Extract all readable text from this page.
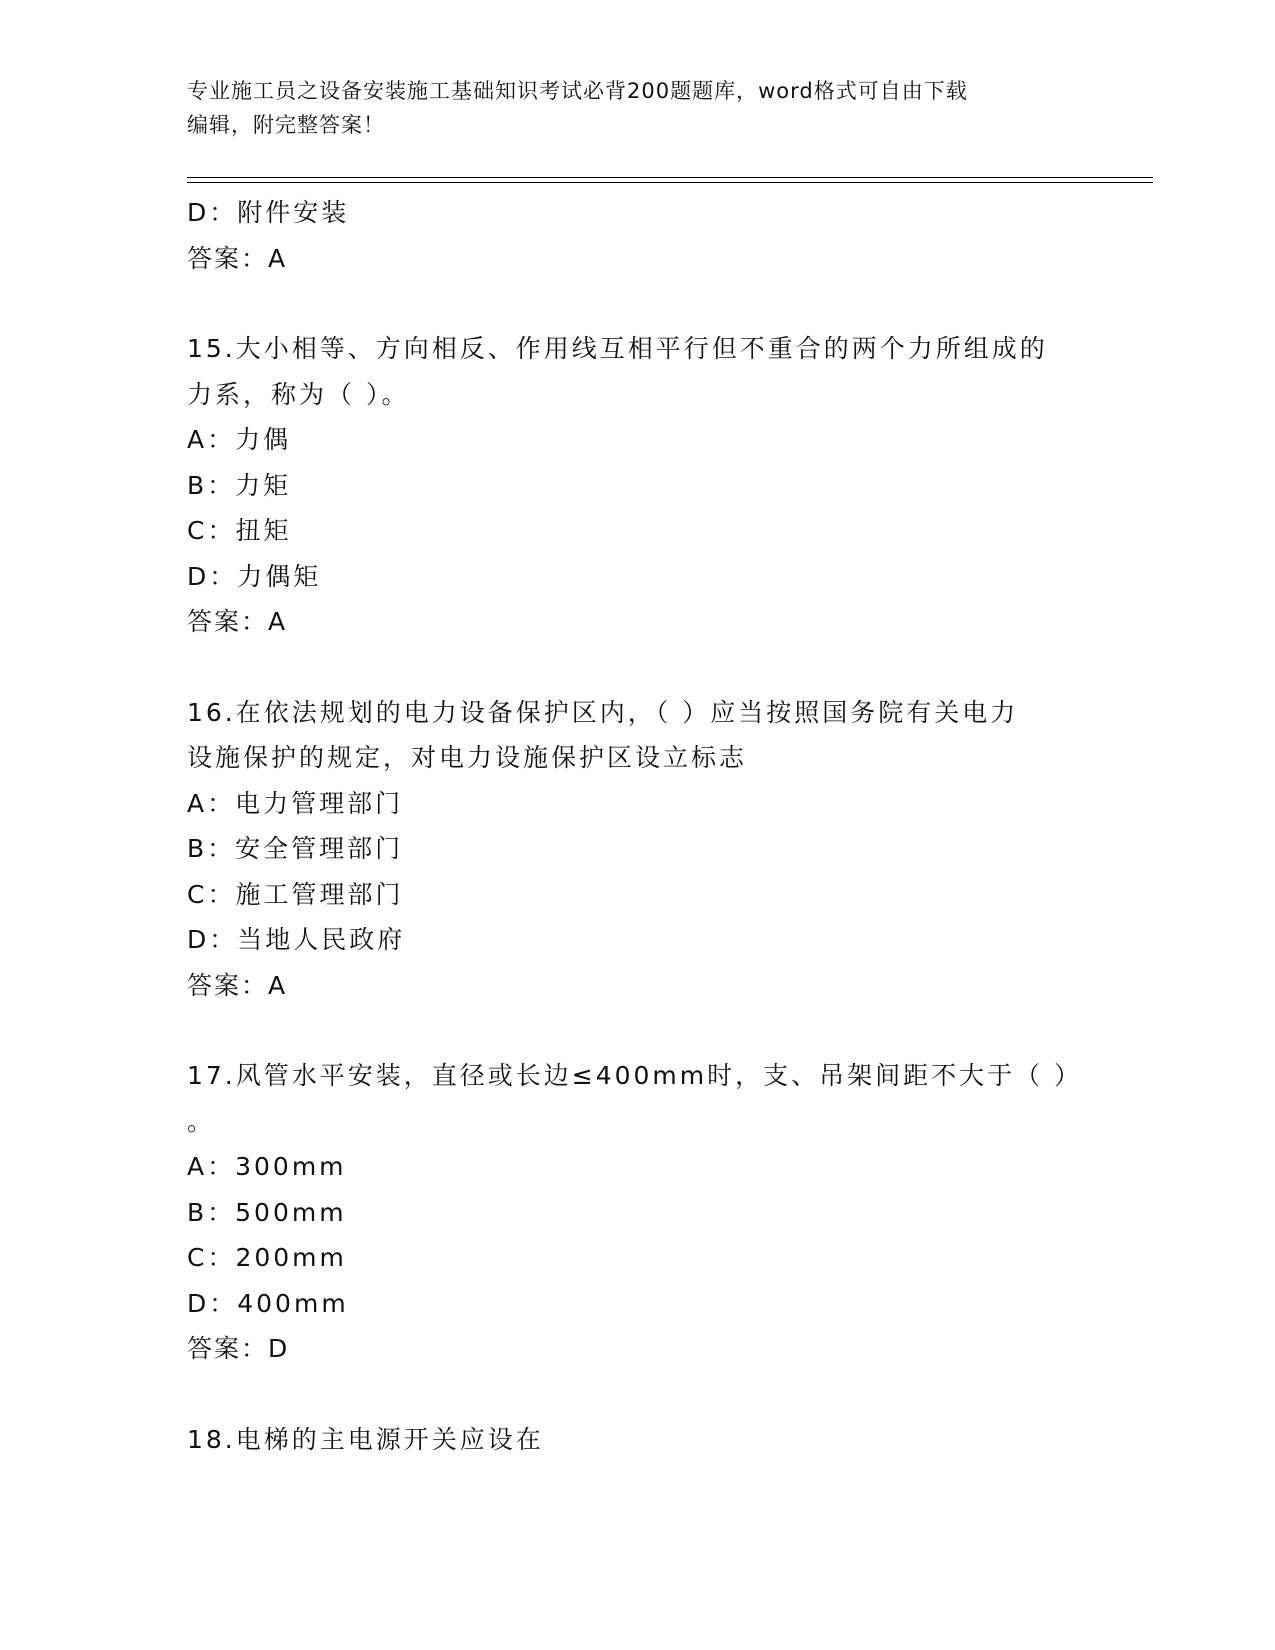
专业施工员之设备安装施工基础知识考试必背200题题库，word格式可自由下载
编辑，附完整答案！
D：附件安装
答案：A
15.大小相等、方向相反、作用线互相平行但不重合的两个力所组成的
力系，称为（ ）。
A：力偶
B：力矩
C：扭矩
D：力偶矩
答案：A
16.在依法规划的电力设备保护区内，（ ）应当按照国务院有关电力
设施保护的规定，对电力设施保护区设立标志
A：电力管理部门
B：安全管理部门
C：施工管理部门
D：当地人民政府
答案：A
17.风管水平安装，直径或长边≤400mm时，支、吊架间距不大于（ ）
。
A：300mm
B：500mm
C：200mm
D：400mm
答案：D
18.电梯的主电源开关应设在
